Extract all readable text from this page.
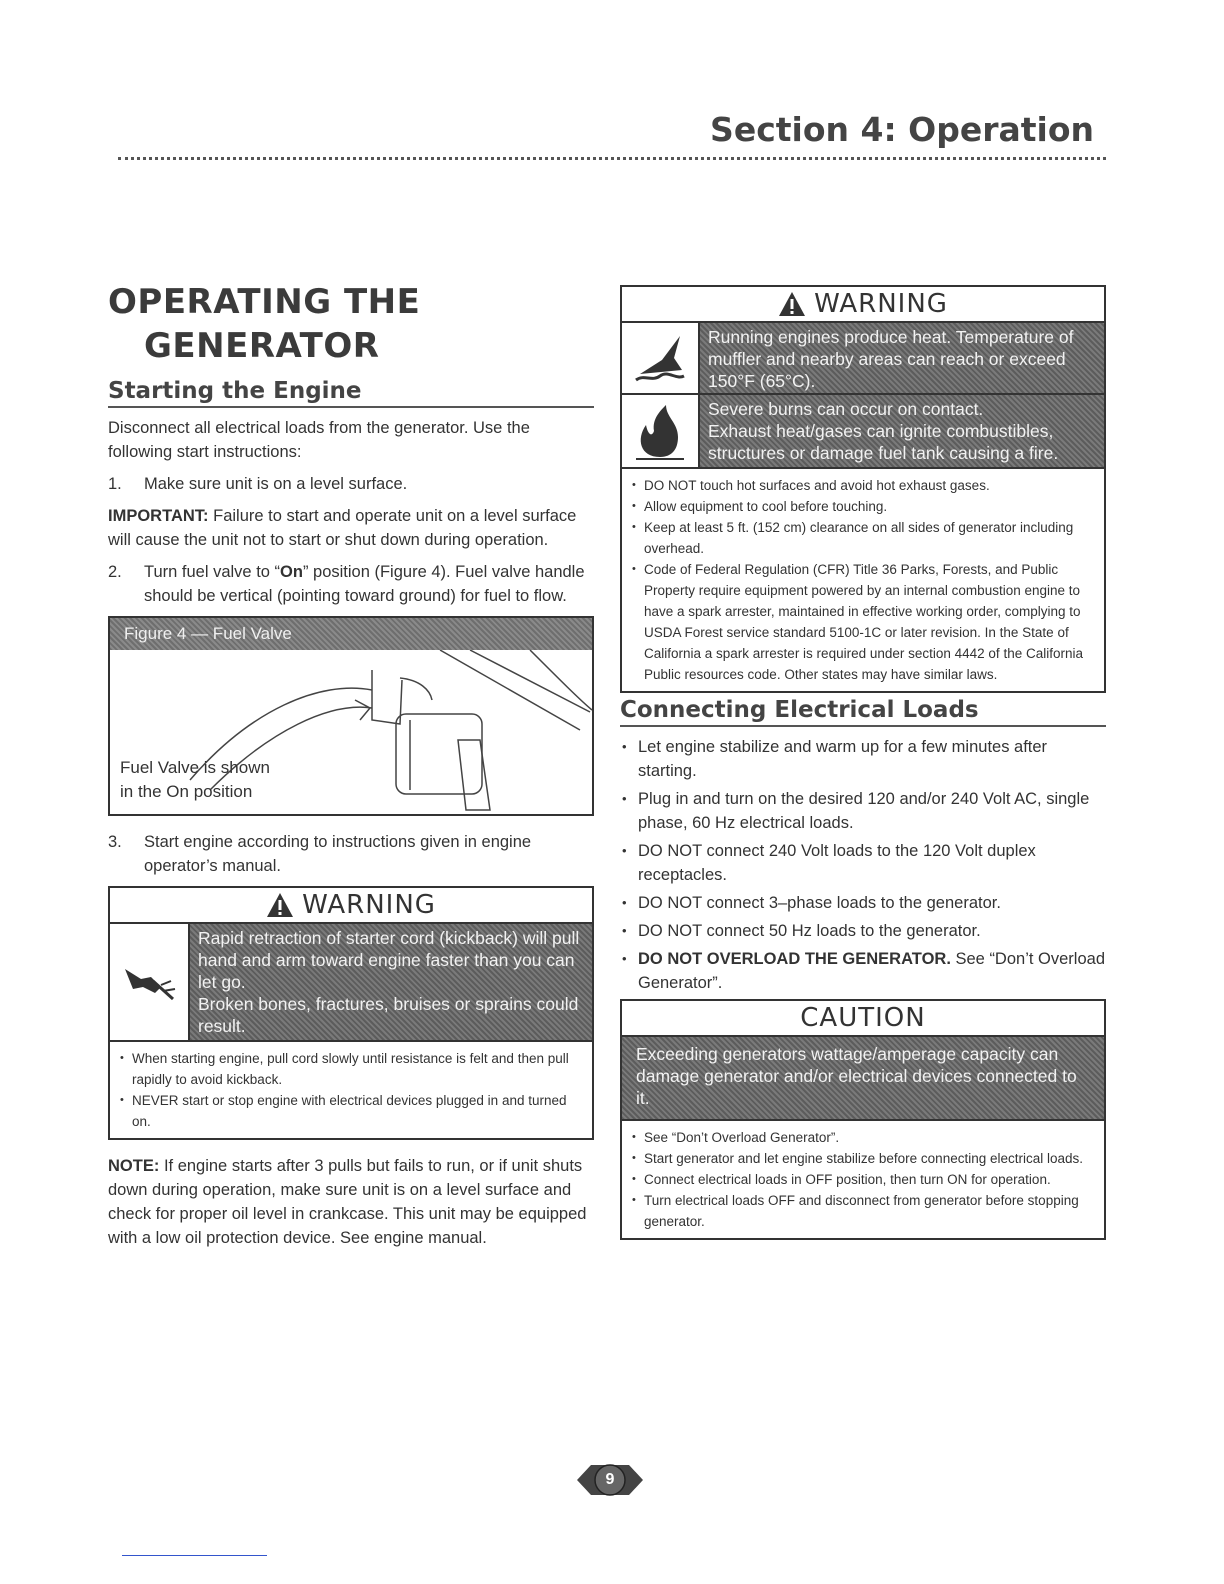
Section 4: Operation
OPERATING THE
GENERATOR
Starting the Engine

Disconnect all electrical loads from the generator. Use the following start instructions:

1.	Make sure unit is on a level surface.

IMPORTANT: Failure to start and operate unit on a level surface will cause the unit not to start or shut down during operation.

2.	Turn fuel valve to “On” position (Figure 4). Fuel valve handle should be vertical (pointing toward ground) for fuel to flow.
Figure 4 — Fuel Valve
Fuel Valve is shown
in the On position
3.	Start engine according to instructions given in engine operator’s manual.
WARNING
Rapid retraction of starter cord (kickback) will pull hand and arm toward engine faster than you can let go.
Broken bones, fractures, bruises or sprains could result.
• When starting engine, pull cord slowly until resistance is felt and then pull rapidly to avoid kickback.
• NEVER start or stop engine with electrical devices plugged in and turned on.

NOTE: If engine starts after 3 pulls but fails to run, or if unit shuts down during operation, make sure unit is on a level surface and check for proper oil level in crankcase. This unit may be equipped with a low oil protection device. See engine manual.

WARNING
Running engines produce heat. Temperature of muffler and nearby areas can reach or exceed 150°F (65°C).
Severe burns can occur on contact.
Exhaust heat/gases can ignite combustibles, structures or damage fuel tank causing a fire.
• DO NOT touch hot surfaces and avoid hot exhaust gases.
• Allow equipment to cool before touching.
• Keep at least 5 ft. (152 cm) clearance on all sides of generator including overhead.
• Code of Federal Regulation (CFR) Title 36 Parks, Forests, and Public Property require equipment powered by an internal combustion engine to have a spark arrester, maintained in effective working order, complying to USDA Forest service standard 5100-1C or later revision. In the State of California a spark arrester is required under section 4442 of the California Public resources code. Other states may have similar laws.
Connecting Electrical Loads
• Let engine stabilize and warm up for a few minutes after starting.
• Plug in and turn on the desired 120 and/or 240 Volt AC, single phase, 60 Hz electrical loads.
• DO NOT connect 240 Volt loads to the 120 Volt duplex receptacles.
• DO NOT connect 3–phase loads to the generator.
• DO NOT connect 50 Hz loads to the generator.
• DO NOT OVERLOAD THE GENERATOR. See “Don’t Overload Generator”.
CAUTION
Exceeding generators wattage/amperage capacity can damage generator and/or electrical devices connected to it.
• See “Don’t Overload Generator”.
• Start generator and let engine stabilize before connecting electrical loads.
• Connect electrical loads in OFF position, then turn ON for operation.
• Turn electrical loads OFF and disconnect from generator before stopping generator.
9
